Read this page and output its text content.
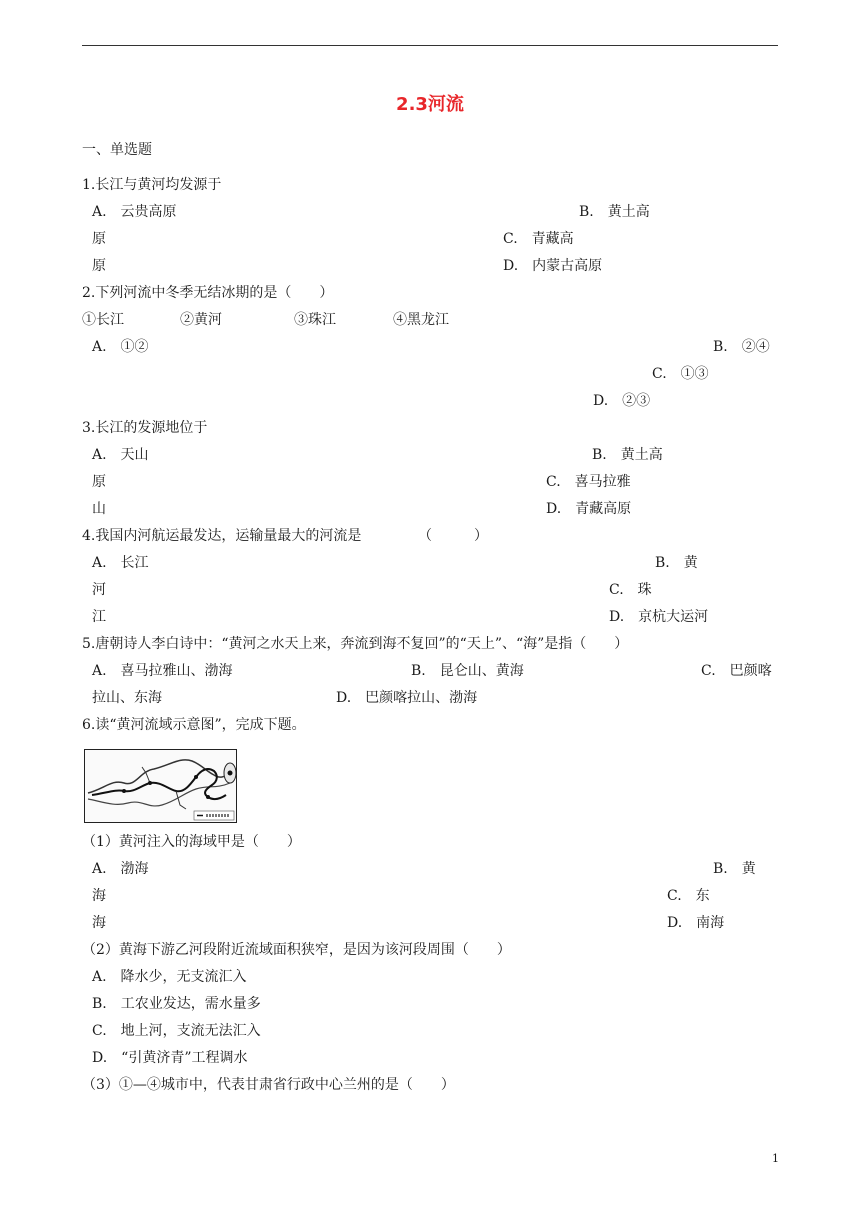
2.3河流
一、单选题
1.长江与黄河均发源于
A.　云贵高原	B.　黄土高
原	C.　青藏高
原	D.　内蒙古高原
2.下列河流中冬季无结冰期的是（　　）
①长江	②黄河	③珠江	④黑龙江
A.　①②	B.　②④
C.　①③
D.　②③
3.长江的发源地位于
A.　天山	B.　黄土高
原	C.　喜马拉雅
山	D.　青藏高原
4.我国内河航运最发达，运输量最大的河流是	（　　　）
A.　长江	B.　黄
河	C.　珠
江	D.　京杭大运河
5.唐朝诗人李白诗中：“黄河之水天上来，奔流到海不复回”的“天上”、“海”是指（　　）
A.　喜马拉雅山、渤海	B.　昆仑山、黄海	C.　巴颜喀
拉山、东海	D.　巴颜喀拉山、渤海
6.读“黄河流域示意图”，完成下题。
（1）黄河注入的海域甲是（　　）
A.　渤海	B.　黄
海	C.　东
海	D.　南海
（2）黄海下游乙河段附近流域面积狭窄，是因为该河段周围（　　）
A.　降水少，无支流汇入
B.　工农业发达，需水量多
C.　地上河，支流无法汇入
D.　“引黄济青”工程调水
（3）①—④城市中，代表甘肃省行政中心兰州的是（　　）
1
